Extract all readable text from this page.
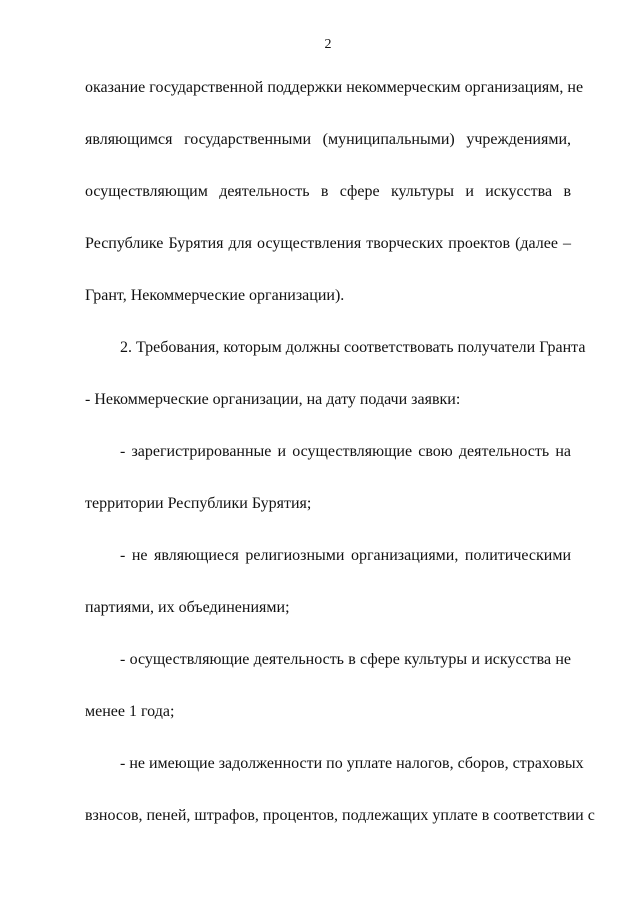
2
оказание государственной поддержки некоммерческим организациям, не
являющимся государственными (муниципальными) учреждениями,
осуществляющим деятельность в сфере культуры и искусства в
Республике Бурятия для осуществления творческих проектов (далее –
Грант, Некоммерческие организации).
2. Требования, которым должны соответствовать получатели Гранта
- Некоммерческие организации, на дату подачи заявки:
- зарегистрированные и осуществляющие свою деятельность на
территории Республики Бурятия;
- не являющиеся религиозными организациями, политическими
партиями, их объединениями;
- осуществляющие деятельность в сфере культуры и искусства не
менее 1 года;
- не имеющие задолженности по уплате налогов, сборов, страховых
взносов, пеней, штрафов, процентов, подлежащих уплате в соответствии с
